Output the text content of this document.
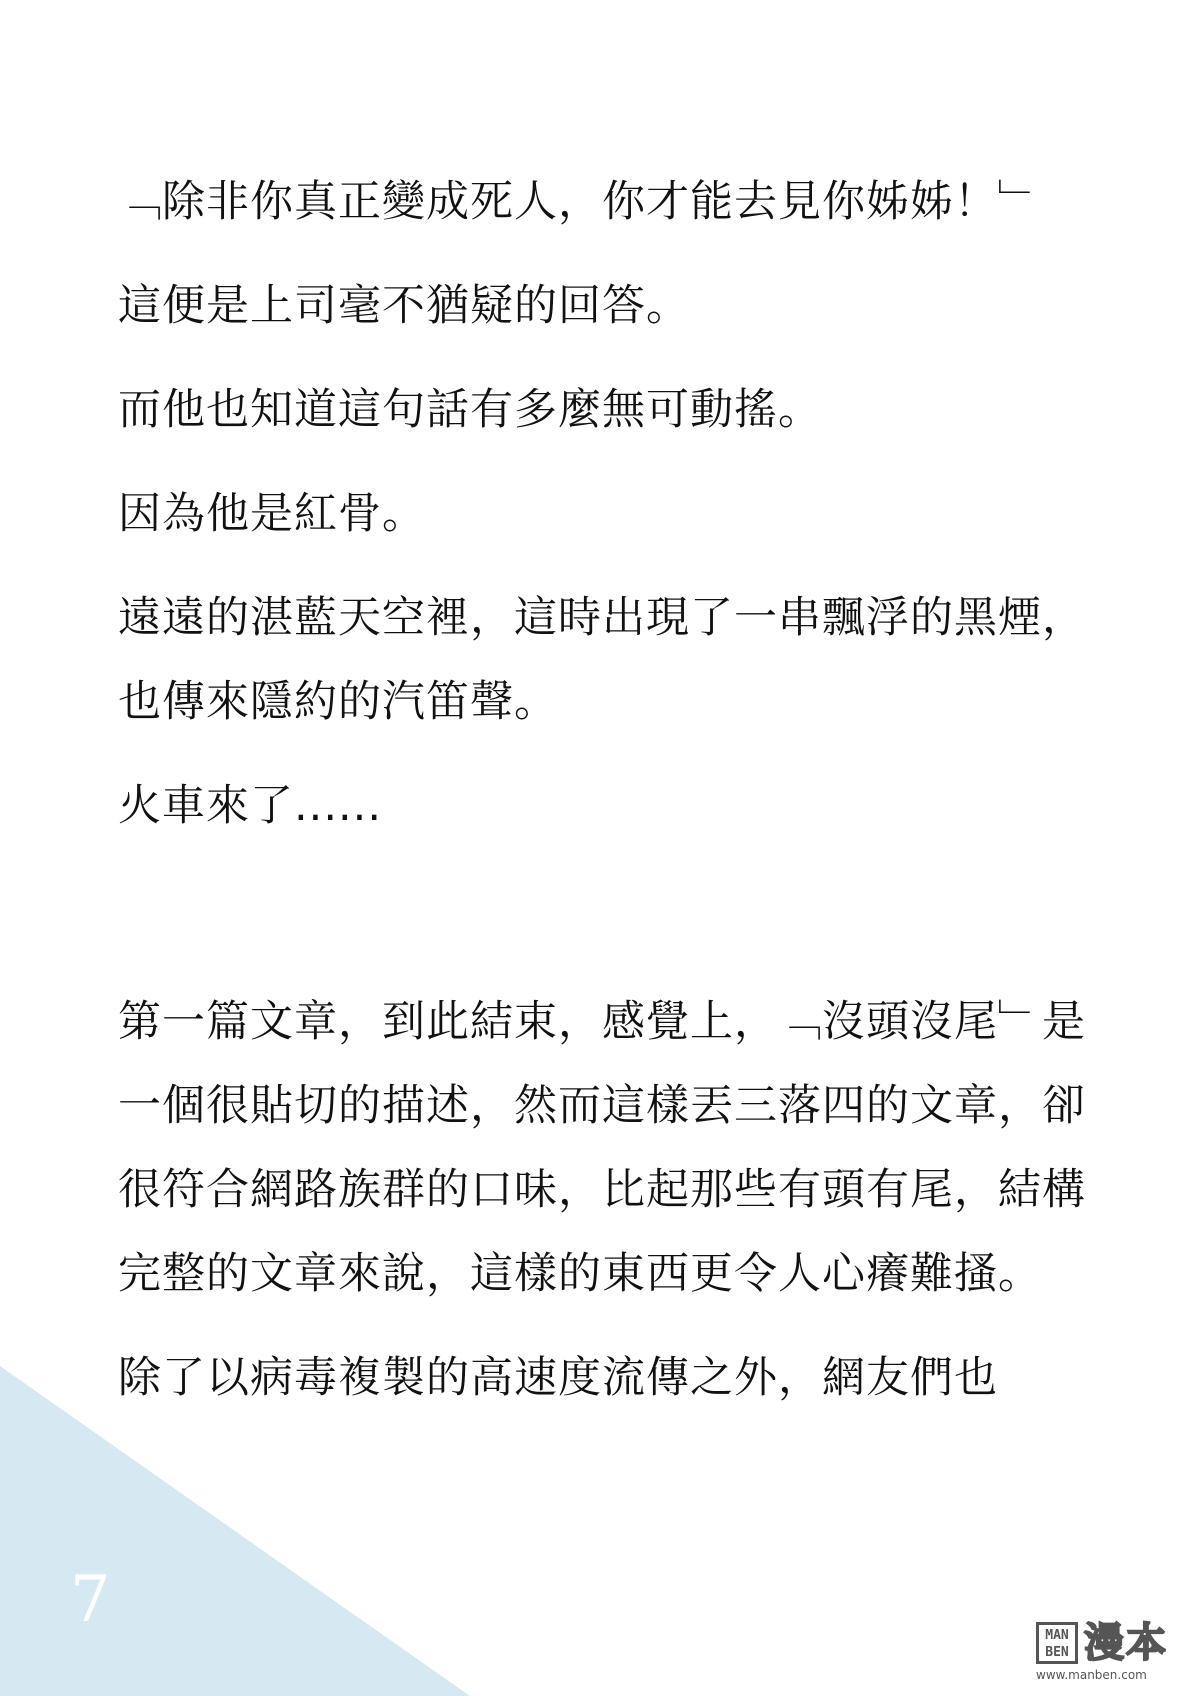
﹁除非你真正變成死人，你才能去見你姊姊！﹂

這便是上司毫不猶疑的回答。

而他也知道這句話有多麼無可動搖。

因為他是紅骨。

遠遠的湛藍天空裡，這時出現了一串飄浮的黑煙，也傳來隱約的汽笛聲。

火車來了......

第一篇文章，到此結束，感覺上，﹁沒頭沒尾﹂是一個很貼切的描述，然而這樣丟三落四的文章，卻很符合網路族群的口味，比起那些有頭有尾，結構完整的文章來說，這樣的東西更令人心癢難搔。

除了以病毒複製的高速度流傳之外，網友們也

7	MAN BEN 漫本
www.manben.com
